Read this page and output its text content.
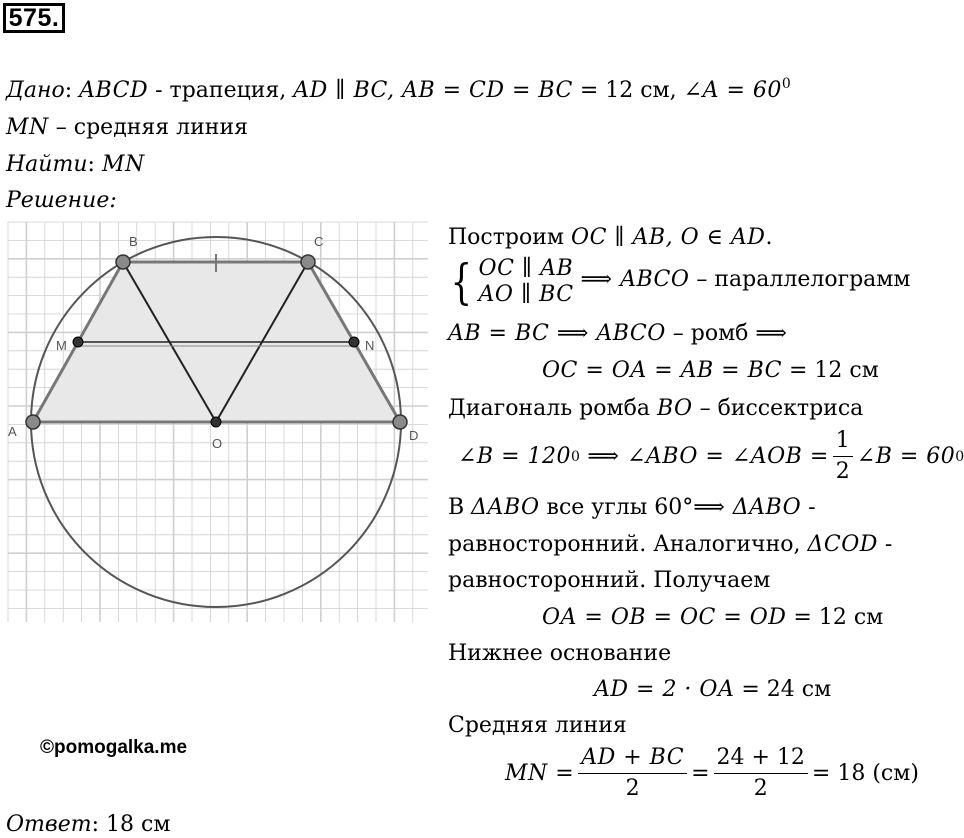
575.
Дано: ABCD - трапеция, AD ∥ BC, AB = CD = BC = 12 см, ∠A = $60^0$
MN – средняя линия
Найти: MN
Решение:
A
B	C
D
O
M	N
©pomogalka.me
Построим OC ∥ AB, O ∈ AD.
{ OC ∥ AB
AO ∥ BC
⟹ ABCO – параллелограмм
AB = BC ⟹ ABCO – ромб ⟹
OC = OA = AB = BC = 12 см
Диагональ ромба BO – биссектриса
∠B = 120 0 ⟹ ∠ABO = ∠AOB = $\frac{1}{2}$ ∠B = 60 0
В ΔABO все углы 60°⟹ ΔABO -
равносторонний. Аналогично, ΔCOD -
равносторонний. Получаем
OA = OB = OC = OD = 12 см
Нижнее основание
AD = 2 · OA = 24 см
Средняя линия
MN = $\frac{AD + BC}{2} = \frac{24 + 12}{2} = 18$ (см)
Ответ: 18 см
